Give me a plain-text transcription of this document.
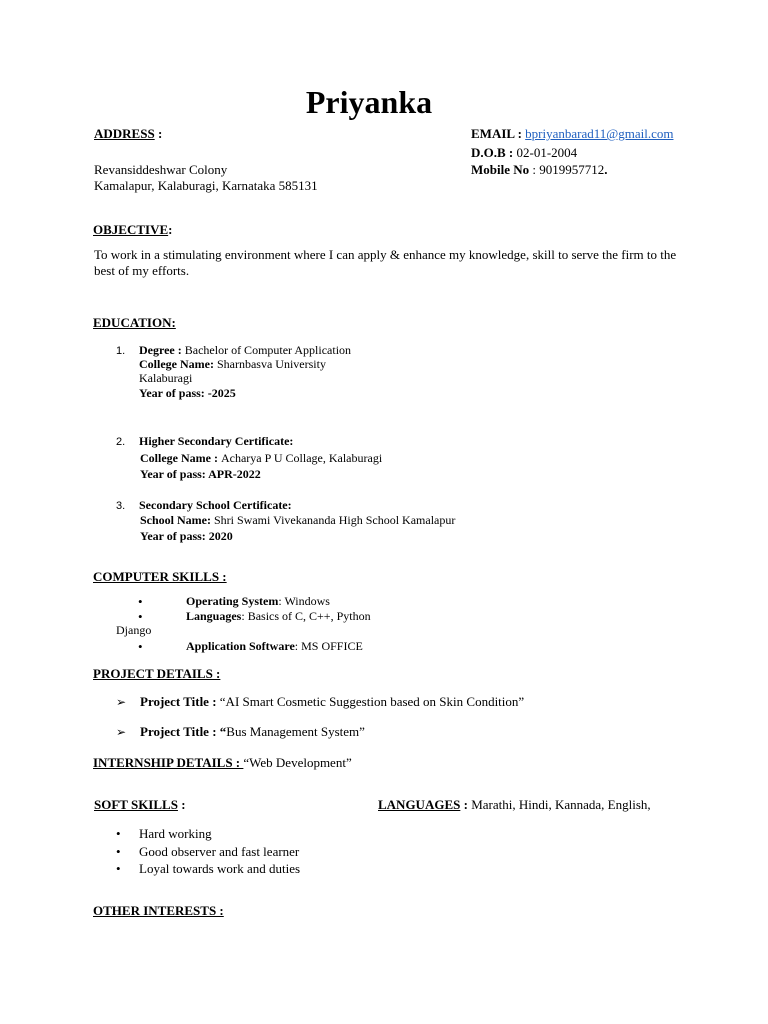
Priyanka
ADDRESS :
Revansiddeshwar Colony
Kamalapur, Kalaburagi, Karnataka 585131
EMAIL : bpriyanbarad11@gmail.com
D.O.B : 02-01-2004
Mobile No : 9019957712.
OBJECTIVE:
To work in a stimulating environment where I can apply & enhance my knowledge, skill to serve the firm to the best of my efforts.
EDUCATION:
1. Degree : Bachelor of Computer Application
College Name: Sharnbasva University
Kalaburagi
Year of pass: -2025
2. Higher Secondary Certificate:
College Name : Acharya P U Collage, Kalaburagi
Year of pass: APR-2022
3. Secondary School Certificate:
School Name: Shri Swami Vivekananda High School Kamalapur
Year of pass: 2020
COMPUTER SKILLS :
•	Operating System: Windows
•	Languages: Basics of C, C++, Python
Django
•	Application Software: MS OFFICE
PROJECT DETAILS :
➢ Project Title : “AI Smart Cosmetic Suggestion based on Skin Condition”
➢ Project Title : “Bus Management System”
INTERNSHIP DETAILS : “Web Development”
SOFT SKILLS :	LANGUAGES : Marathi, Hindi, Kannada, English,
• Hard working
• Good observer and fast learner
• Loyal towards work and duties
OTHER INTERESTS :
